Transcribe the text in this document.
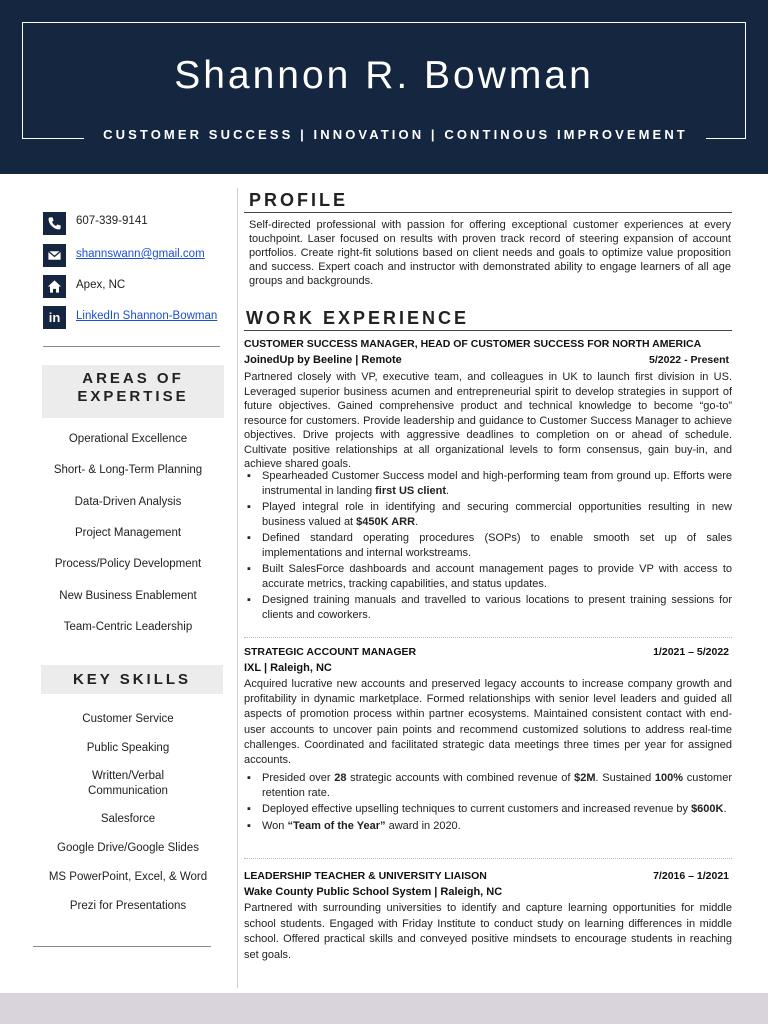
Shannon R. Bowman
CUSTOMER SUCCESS | INNOVATION | CONTINOUS IMPROVEMENT
607-339-9141
shannswann@gmail.com
Apex, NC
in	LinkedIn Shannon-Bowman
AREAS OF
EXPERTISE
Operational Excellence
Short- & Long-Term Planning
Data-Driven Analysis
Project Management
Process/Policy Development
New Business Enablement
Team-Centric Leadership
KEY SKILLS
Customer Service
Public Speaking
Written/Verbal Communication
Salesforce
Google Drive/Google Slides
MS PowerPoint, Excel, & Word
Prezi for Presentations
PROFILE
Self-directed professional with passion for offering exceptional customer experiences at every touchpoint. Laser focused on results with proven track record of steering expansion of account portfolios. Create right-fit solutions based on client needs and goals to optimize value proposition and success. Expert coach and instructor with demonstrated ability to engage learners of all age groups and backgrounds.
WORK EXPERIENCE
CUSTOMER SUCCESS MANAGER, HEAD OF CUSTOMER SUCCESS FOR NORTH AMERICA
JoinedUp by Beeline | Remote	5/2022 - Present
Partnered closely with VP, executive team, and colleagues in UK to launch first division in US. Leveraged superior business acumen and entrepreneurial spirit to develop strategies in support of future objectives. Gained comprehensive product and technical knowledge to become “go-to” resource for customers. Provide leadership and guidance to Customer Success Manager to achieve objectives. Drive projects with aggressive deadlines to completion on or ahead of schedule. Cultivate positive relationships at all organizational levels to form consensus, gain buy-in, and achieve shared goals.
▪ Spearheaded Customer Success model and high-performing team from ground up. Efforts were instrumental in landing first US client.
▪ Played integral role in identifying and securing commercial opportunities resulting in new business valued at $450K ARR.
▪ Defined standard operating procedures (SOPs) to enable smooth set up of sales implementations and internal workstreams.
▪ Built SalesForce dashboards and account management pages to provide VP with access to accurate metrics, tracking capabilities, and status updates.
▪ Designed training manuals and travelled to various locations to present training sessions for clients and coworkers.
STRATEGIC ACCOUNT MANAGER	1/2021 – 5/2022
IXL | Raleigh, NC
Acquired lucrative new accounts and preserved legacy accounts to increase company growth and profitability in dynamic marketplace. Formed relationships with senior level leaders and guided all aspects of promotion process within partner ecosystems. Maintained consistent contact with end-user accounts to uncover pain points and recommend customized solutions to address real-time challenges. Coordinated and facilitated strategic data meetings three times per year for assigned accounts.
▪ Presided over 28 strategic accounts with combined revenue of $2M. Sustained 100% customer retention rate.
▪ Deployed effective upselling techniques to current customers and increased revenue by $600K.
▪ Won “Team of the Year” award in 2020.
LEADERSHIP TEACHER & UNIVERSITY LIAISON	7/2016 – 1/2021
Wake County Public School System | Raleigh, NC
Partnered with surrounding universities to identify and capture learning opportunities for middle school students. Engaged with Friday Institute to conduct study on learning differences in middle school. Offered practical skills and conveyed positive mindsets to encourage students in reaching set goals.
